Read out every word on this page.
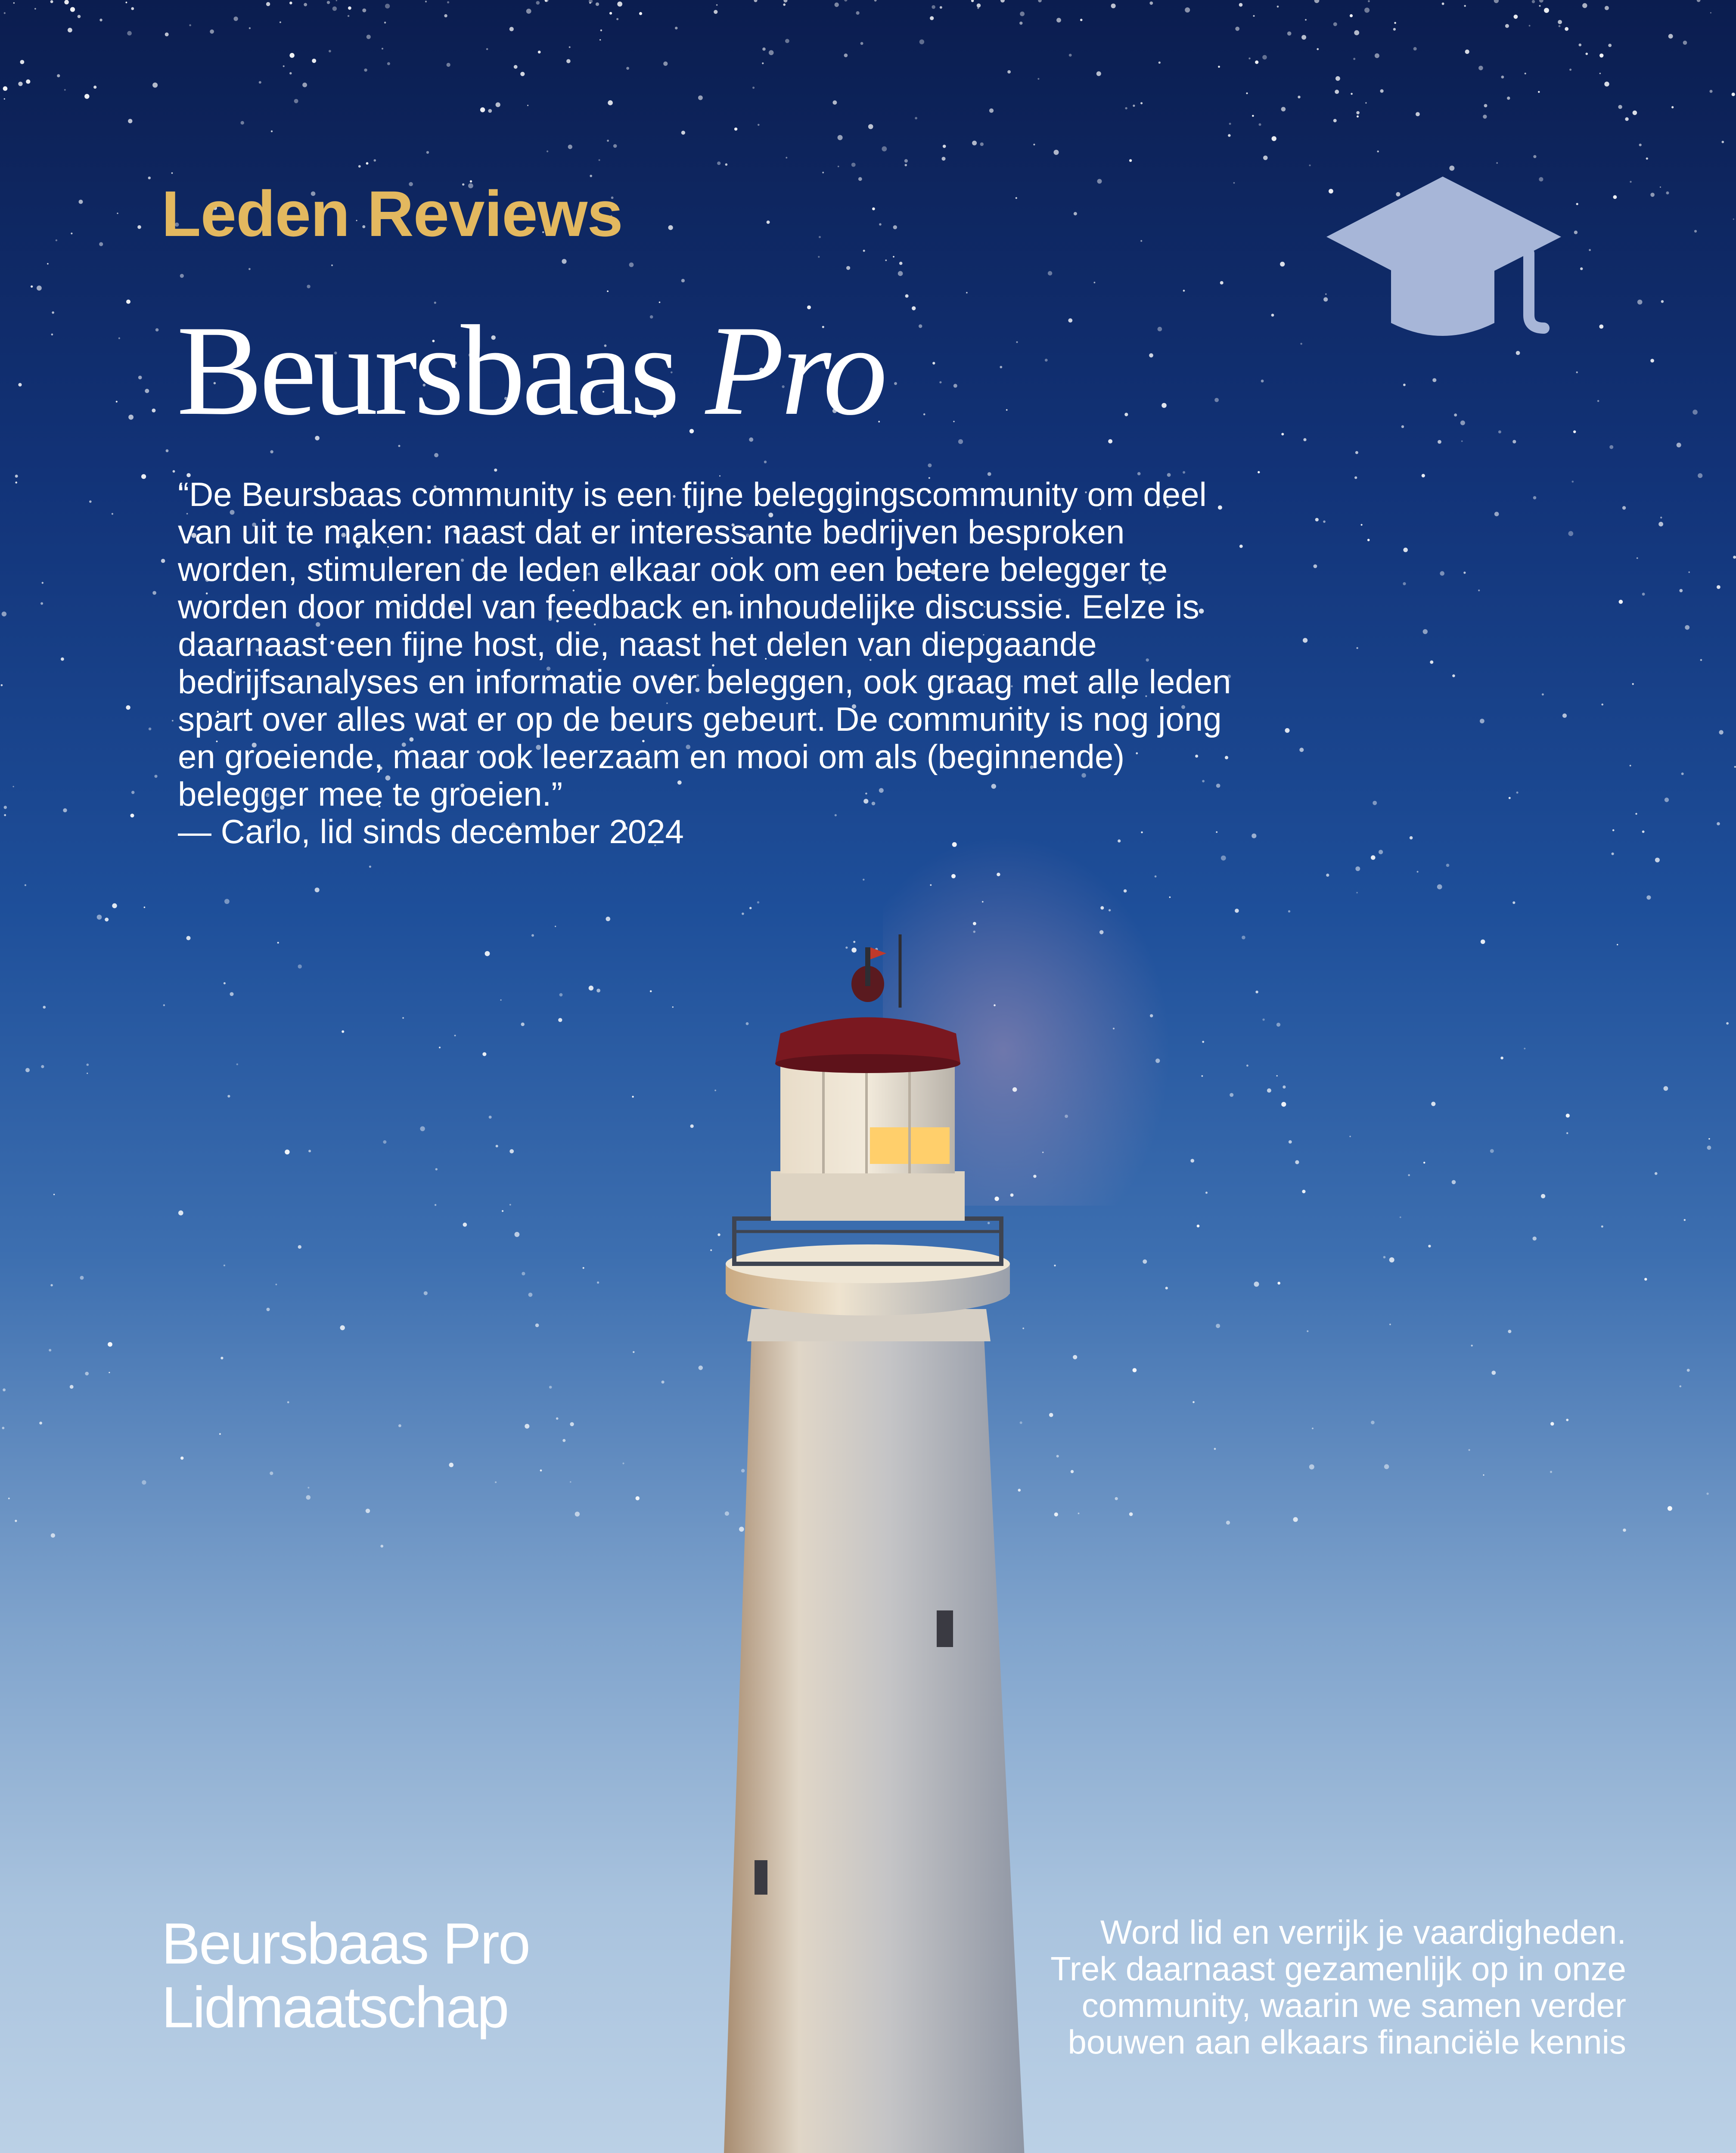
Leden Reviews
Beursbaas Pro

“De Beursbaas community is een fijne beleggingscommunity om deel van uit te maken: naast dat er interessante bedrijven besproken worden, stimuleren de leden elkaar ook om een betere belegger te worden door middel van feedback en inhoudelijke discussie. Eelze is daarnaast een fijne host, die, naast het delen van diepgaande bedrijfsanalyses en informatie over beleggen, ook graag met alle leden spart over alles wat er op de beurs gebeurt. De community is nog jong en groeiende, maar ook leerzaam en mooi om als (beginnende) belegger mee te groeien.”

— Carlo, lid sinds december 2024

Beursbaas Pro
Lidmaatschap
Word lid en verrijk je vaardigheden.
Trek daarnaast gezamenlijk op in onze
community, waarin we samen verder
bouwen aan elkaars financiële kennis
